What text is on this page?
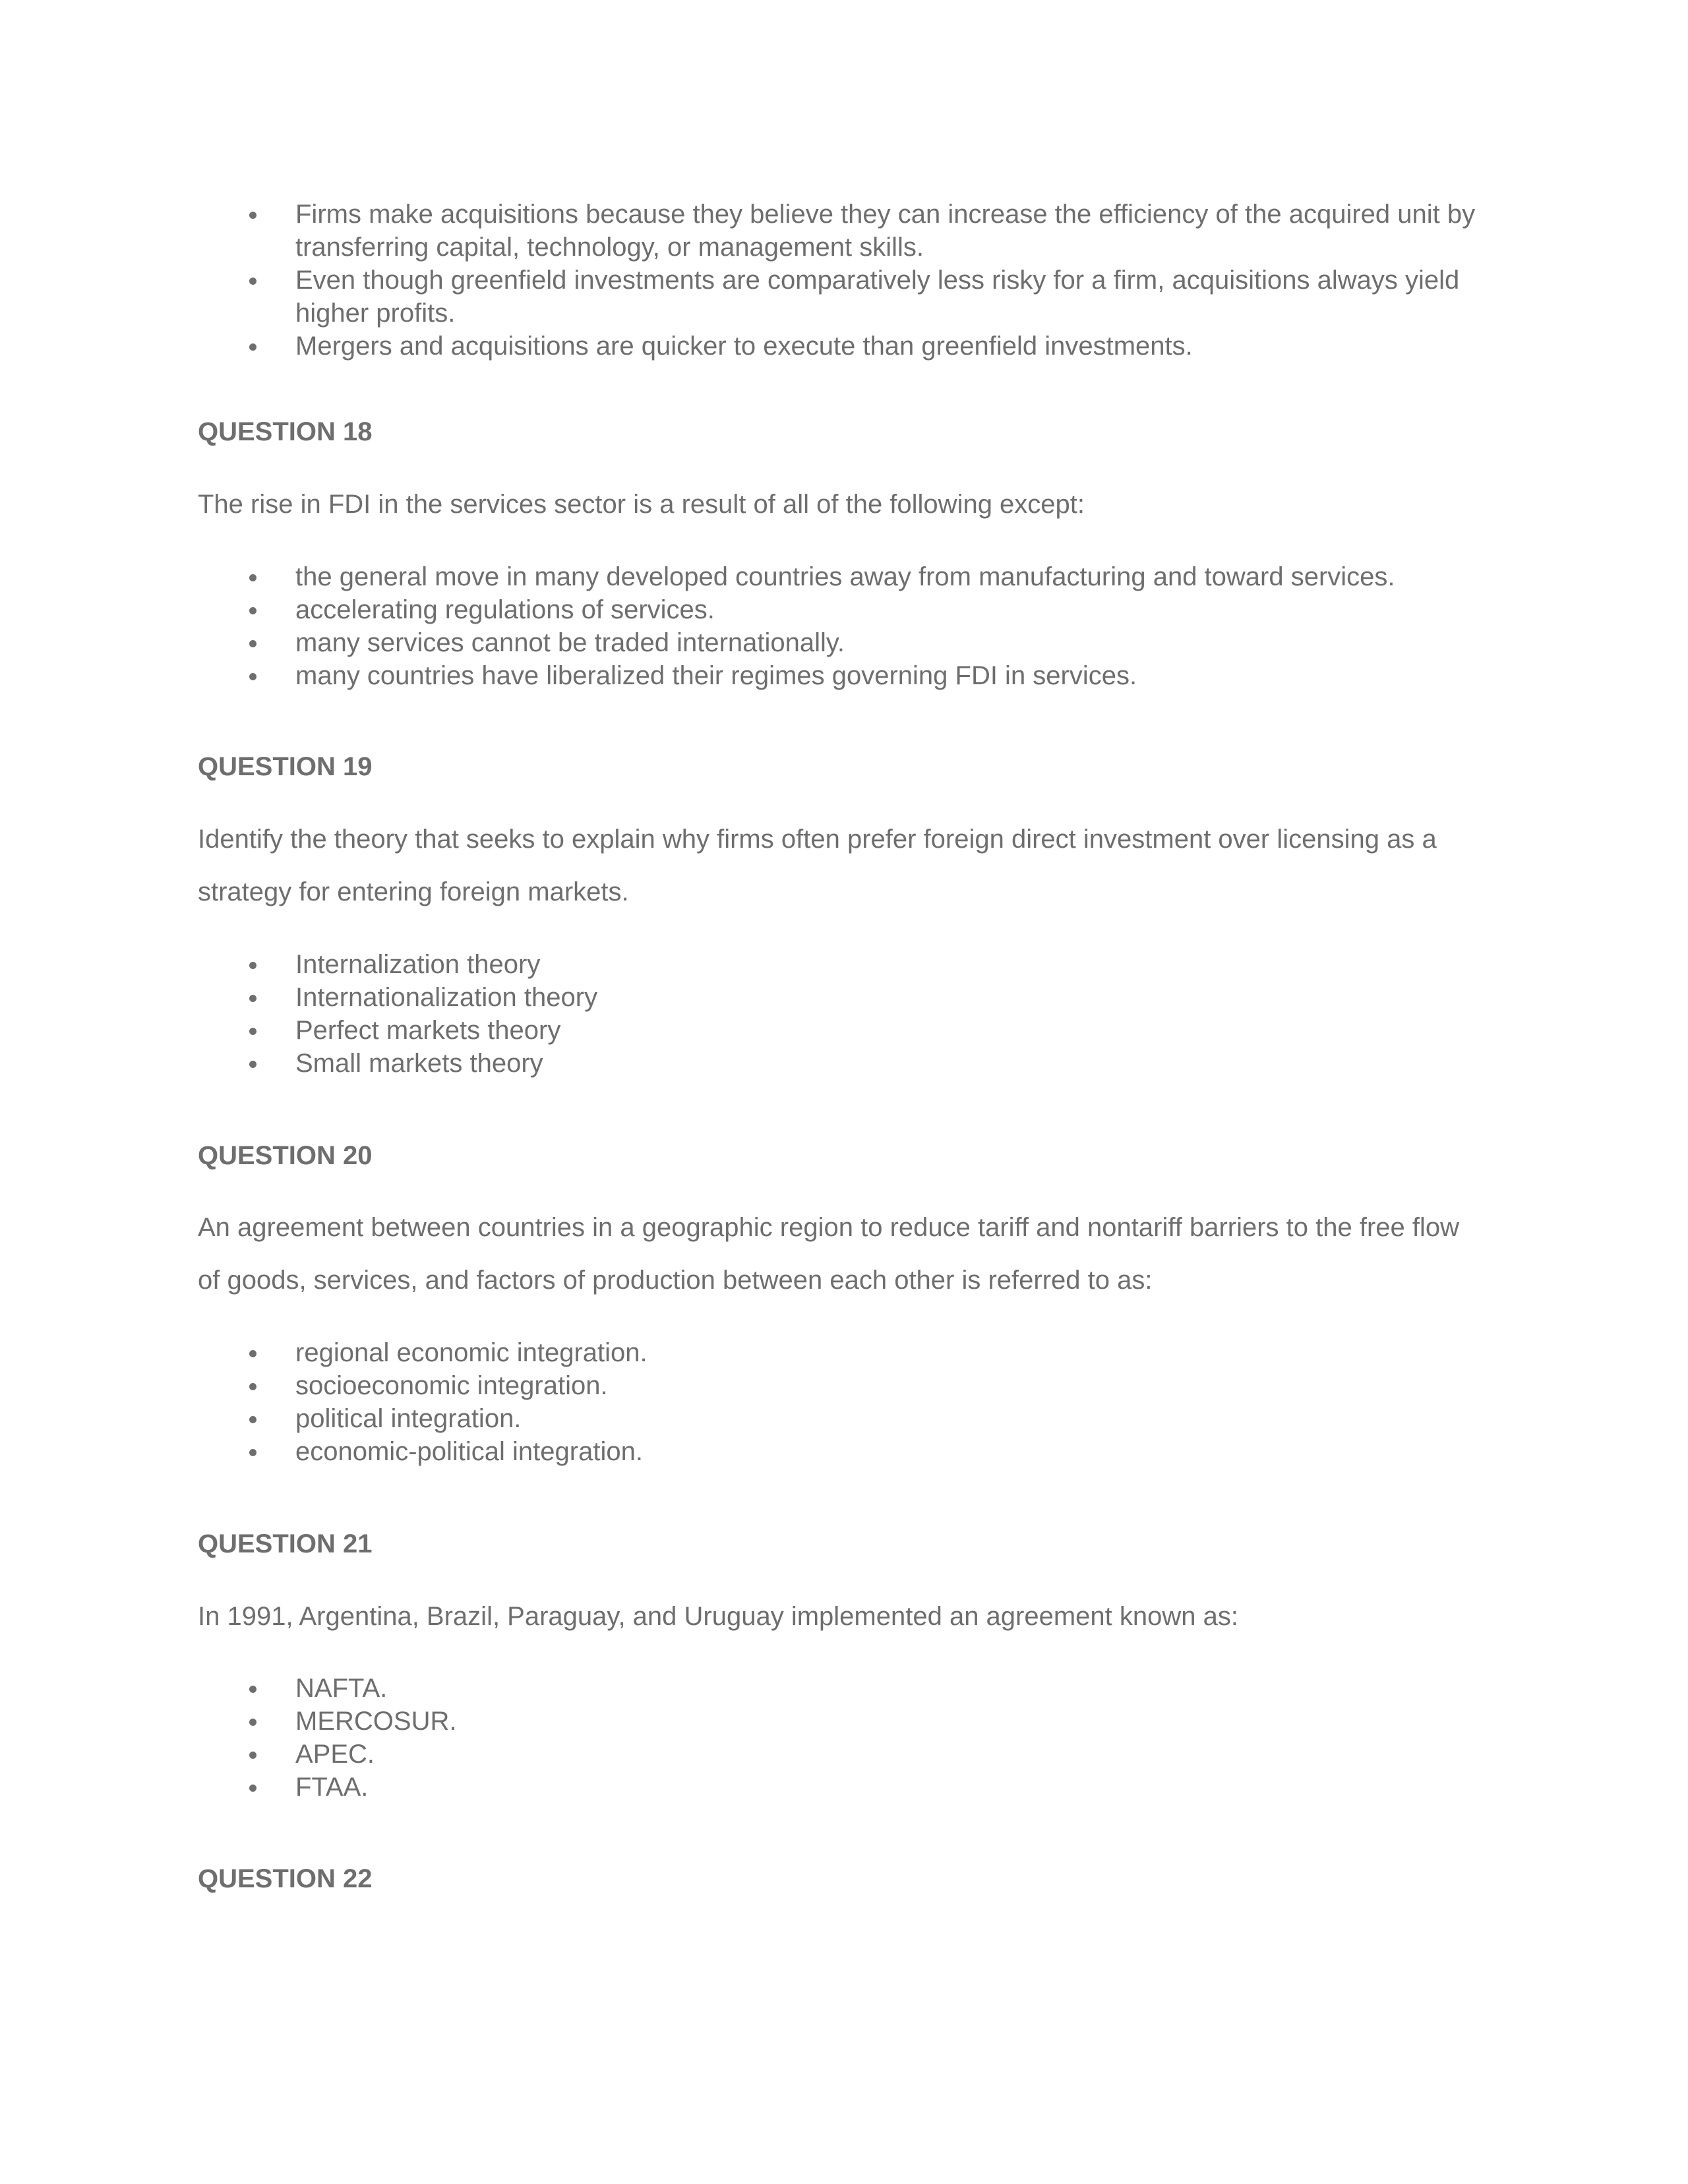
Firms make acquisitions because they believe they can increase the efficiency of the acquired unit by transferring capital, technology, or management skills.
Even though greenfield investments are comparatively less risky for a firm, acquisitions always yield higher profits.
Mergers and acquisitions are quicker to execute than greenfield investments.
QUESTION 18

The rise in FDI in the services sector is a result of all of the following except:

the general move in many developed countries away from manufacturing and toward services.
accelerating regulations of services.
many services cannot be traded internationally.
many countries have liberalized their regimes governing FDI in services.
QUESTION 19

Identify the theory that seeks to explain why firms often prefer foreign direct investment over licensing as a strategy for entering foreign markets.

Internalization theory
Internationalization theory
Perfect markets theory
Small markets theory
QUESTION 20

An agreement between countries in a geographic region to reduce tariff and nontariff barriers to the free flow of goods, services, and factors of production between each other is referred to as:

regional economic integration.
socioeconomic integration.
political integration.
economic-political integration.
QUESTION 21

In 1991, Argentina, Brazil, Paraguay, and Uruguay implemented an agreement known as:

NAFTA.
MERCOSUR.
APEC.
FTAA.
QUESTION 22
